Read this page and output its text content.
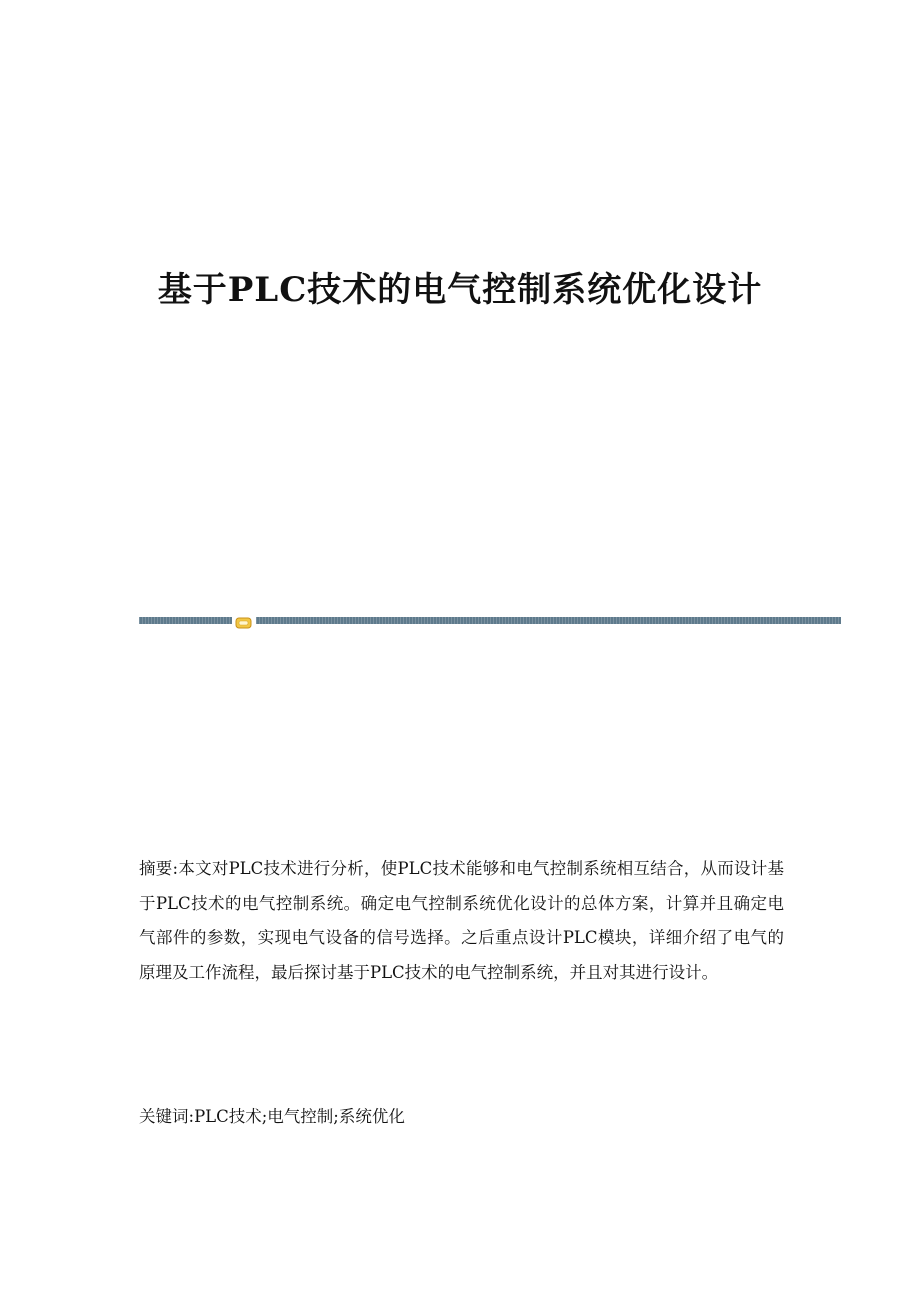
基于PLC技术的电气控制系统优化设计

摘要:本文对PLC技术进行分析，使PLC技术能够和电气控制系统相互结合，从而设计基于PLC技术的电气控制系统。确定电气控制系统优化设计的总体方案，计算并且确定电气部件的参数，实现电气设备的信号选择。之后重点设计PLC模块，详细介绍了电气的原理及工作流程，最后探讨基于PLC技术的电气控制系统，并且对其进行设计。

关键词:PLC技术;电气控制;系统优化
